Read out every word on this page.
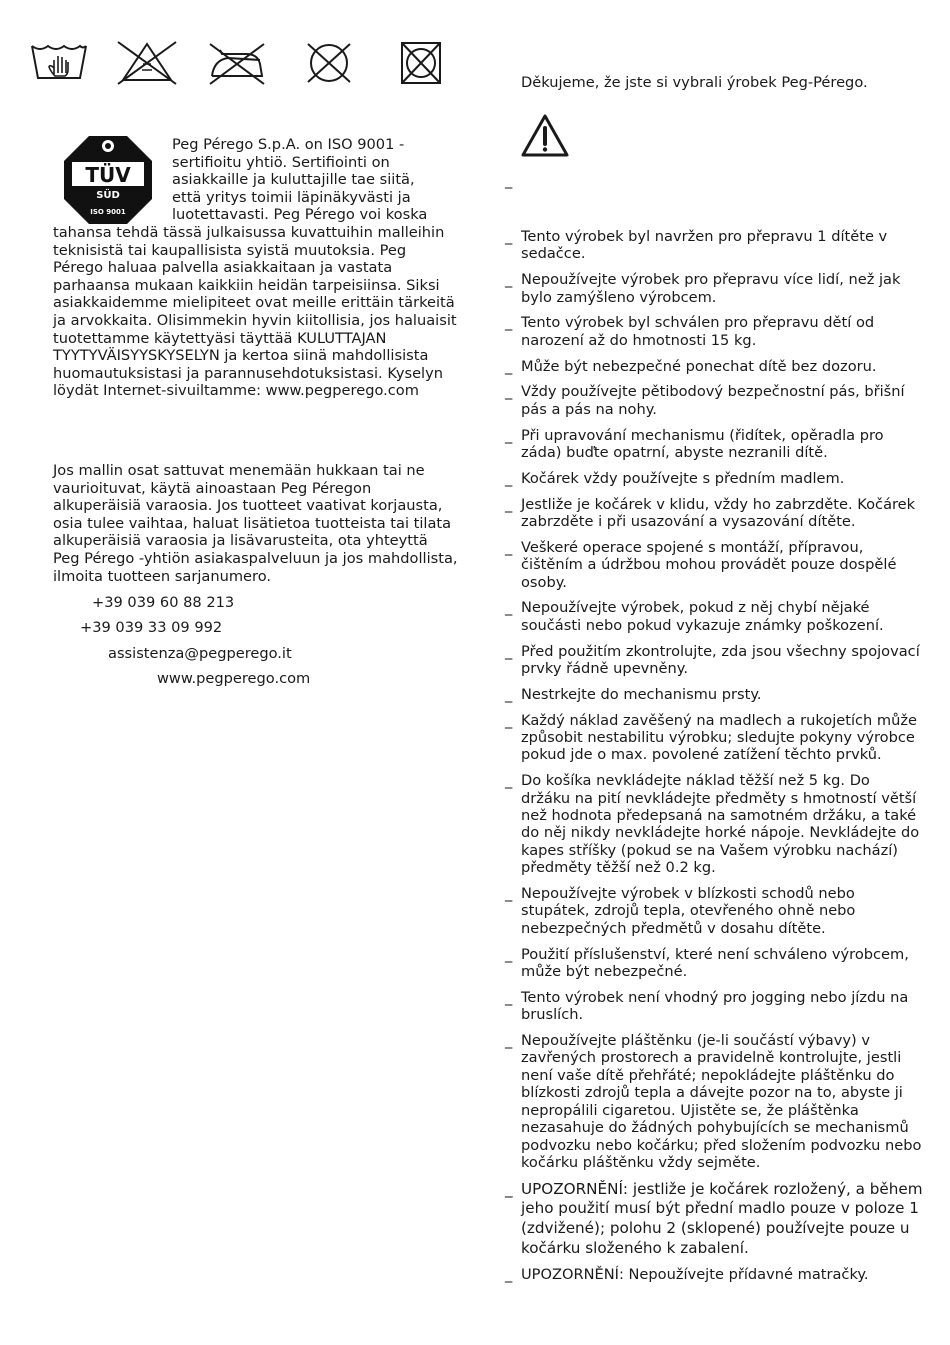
TÜV
SÜD
ISO 9001

Peg Pérego S.p.A. on ISO 9001 -sertifioitu yhtiö. Sertifiointi on asiakkaille ja kuluttajille tae siitä, että yritys toimii läpinäkyvästi ja luotettavasti. Peg Pérego voi koska

tahansa tehdä tässä julkaisussa kuvattuihin malleihin teknisistä tai kaupallisista syistä muutoksia. Peg Pérego haluaa palvella asiakkaitaan ja vastata parhaansa mukaan kaikkiin heidän tarpeisiinsa. Siksi asiakkaidemme mielipiteet ovat meille erittäin tärkeitä ja arvokkaita. Olisimmekin hyvin kiitollisia, jos haluaisit tuotettamme käytettyäsi täyttää KULUTTAJAN TYYTYVÄISYYSKYSELYN ja kertoa siinä mahdollisista huomautuksistasi ja parannusehdotuksistasi. Kyselyn löydät Internet-sivuiltamme: www.pegperego.com

Jos mallin osat sattuvat menemään hukkaan tai ne vaurioituvat, käytä ainoastaan Peg Péregon alkuperäisiä varaosia. Jos tuotteet vaativat korjausta, osia tulee vaihtaa, haluat lisätietoa tuotteista tai tilata alkuperäisiä varaosia ja lisävarusteita, ota yhteyttä Peg Pérego -yhtiön asiakaspalveluun ja jos mahdollista, ilmoita tuotteen sarjanumero.

+39 039 60 88 213
+39 039 33 09 992
assistenza@pegperego.it
www.pegperego.com
Děkujeme, že jste si vybrali ýrobek Peg-Pérego.
_
_ Tento výrobek byl navržen pro přepravu 1 dítěte v sedačce.
_ Nepoužívejte výrobek pro přepravu více lidí, než jak bylo zamýšleno výrobcem.
_ Tento výrobek byl schválen pro přepravu dětí od narození až do hmotnosti 15 kg.
_ Může být nebezpečné ponechat dítě bez dozoru.
_ Vždy používejte pětibodový bezpečnostní pás, břišní pás a pás na nohy.
_ Při upravování mechanismu (řidítek, opěradla pro záda) buďte opatrní, abyste nezranili dítě.
_ Kočárek vždy používejte s předním madlem.
_ Jestliže je kočárek v klidu, vždy ho zabrzděte. Kočárek zabrzděte i při usazování a vysazování dítěte.
_ Veškeré operace spojené s montáží, přípravou, čištěním a údržbou mohou provádět pouze dospělé osoby.
_ Nepoužívejte výrobek, pokud z něj chybí nějaké součásti nebo pokud vykazuje známky poškození.
_ Před použitím zkontrolujte, zda jsou všechny spojovací prvky řádně upevněny.
_ Nestrkejte do mechanismu prsty.
_ Každý náklad zavěšený na madlech a rukojetích může způsobit nestabilitu výrobku; sledujte pokyny výrobce pokud jde o max. povolené zatížení těchto prvků.
_ Do košíka nevkládejte náklad těžší než 5 kg. Do držáku na pití nevkládejte předměty s hmotností větší než hodnota předepsaná na samotném držáku, a také do něj nikdy nevkládejte horké nápoje. Nevkládejte do kapes stříšky (pokud se na Vašem výrobku nachází) předměty těžší než 0.2 kg.
_ Nepoužívejte výrobek v blízkosti schodů nebo stupátek, zdrojů tepla, otevřeného ohně nebo nebezpečných předmětů v dosahu dítěte.
_ Použití příslušenství, které není schváleno výrobcem, může být nebezpečné.
_ Tento výrobek není vhodný pro jogging nebo jízdu na bruslích.
_ Nepoužívejte pláštěnku (je-li součástí výbavy) v zavřených prostorech a pravidelně kontrolujte, jestli není vaše dítě přehřáté; nepokládejte pláštěnku do blízkosti zdrojů tepla a dávejte pozor na to, abyste ji nepropálili cigaretou. Ujistěte se, že pláštěnka nezasahuje do žádných pohybujících se mechanismů podvozku nebo kočárku; před složením podvozku nebo kočárku pláštěnku vždy sejměte.
_ UPOZORNĚNÍ: jestliže je kočárek rozložený, a během jeho použití musí být přední madlo pouze v poloze 1 (zdvižené); polohu 2 (sklopené) používejte pouze u kočárku složeného k zabalení.
_ UPOZORNĚNÍ: Nepoužívejte přídavné matračky.
